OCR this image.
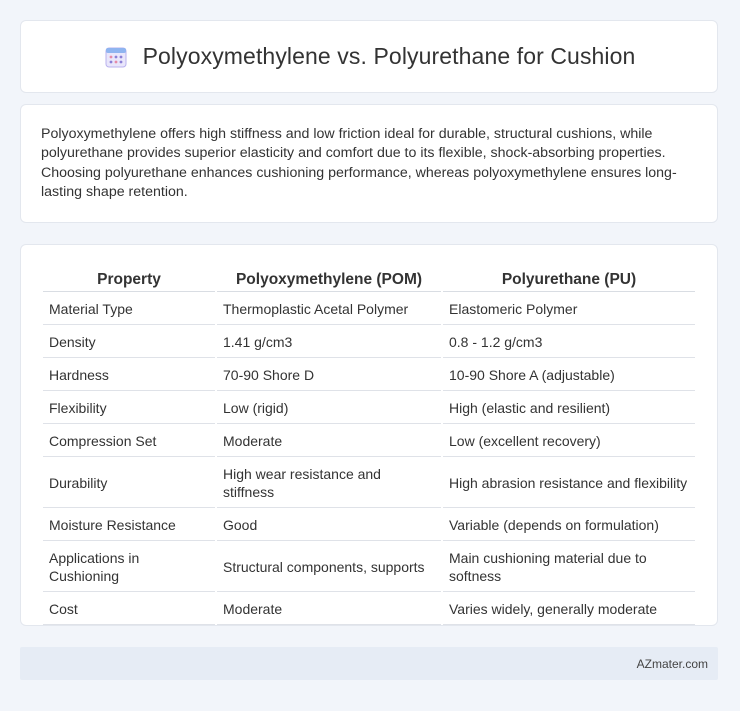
Polyoxymethylene vs. Polyurethane for Cushion

Polyoxymethylene offers high stiffness and low friction ideal for durable, structural cushions, while polyurethane provides superior elasticity and comfort due to its flexible, shock-absorbing properties. Choosing polyurethane enhances cushioning performance, whereas polyoxymethylene ensures long-lasting shape retention.

Property	Polyoxymethylene (POM)	Polyurethane (PU)
Material Type	Thermoplastic Acetal Polymer	Elastomeric Polymer
Density	1.41 g/cm3	0.8 - 1.2 g/cm3
Hardness	70-90 Shore D	10-90 Shore A (adjustable)
Flexibility	Low (rigid)	High (elastic and resilient)
Compression Set	Moderate	Low (excellent recovery)
Durability	High wear resistance and stiffness	High abrasion resistance and flexibility
Moisture Resistance	Good	Variable (depends on formulation)
Applications in Cushioning	Structural components, supports	Main cushioning material due to softness
Cost	Moderate	Varies widely, generally moderate
AZmater.com
